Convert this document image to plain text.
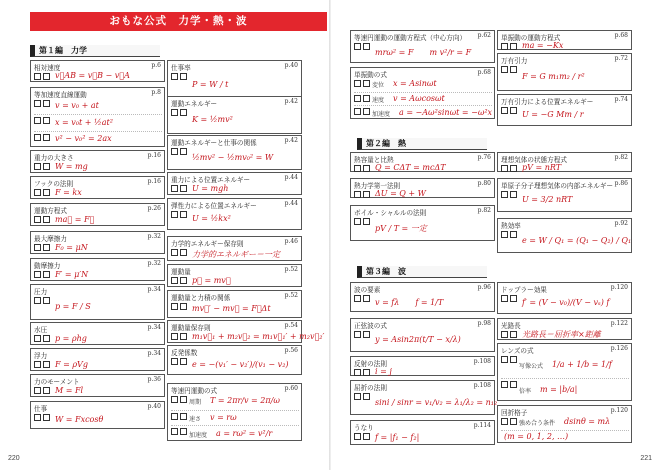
おもな公式　力学・熱・波
第１編　力学
第２編　熱
第３編　波
220	221
相対速度	p.6
v⃗AB = v⃗B − v⃗A
等加速度直線運動	p.8
v = v₀ + at
x = v₀t + ½at²
v² − v₀² = 2ax
重力の大きさ	p.16
W = mg
フックの法則	p.16
F = kx
運動方程式	p.26
ma⃗ = F⃗
最大摩擦力	p.32
F₀ = μN
動摩擦力	p.32
F′ = μ′N
圧力	p.34
p = F / S
水圧	p.34
p = ρhg
浮力	p.34
F = ρVg
力のモーメント	p.36
M = Fl
仕事	p.40
W = Fxcosθ
仕事率	p.40
P = W / t
運動エネルギー	p.42
K = ½mv²
運動エネルギーと仕事の関係	p.42
½mv² − ½mv₀² = W
重力による位置エネルギー	p.44
U = mgh
弾性力による位置エネルギー	p.44
U = ½kx²
力学的エネルギー保存則	p.46
力学的エネルギー＝一定
運動量	p.52
p⃗ = mv⃗
運動量と力積の関係	p.52
mv⃗′ − mv⃗ = F⃗Δt
運動量保存則	p.54
m₁v⃗₁ + m₂v⃗₂ = m₁v⃗₁′ + m₂v⃗₂′
反発係数	p.56
e = −(v₁′ − v₂′)/(v₁ − v₂)
等速円運動の式	p.60
周期 T = 2πr/v = 2π/ω
速さ v = rω
加速度 a = rω² = v²/r
等速円運動の運動方程式（中心方向） p.62
mrω² = F　　m v²/r = F
単振動の式	p.68
変位 x = Asinωt
速度 v = Aωcosωt
加速度 a = −Aω²sinωt = −ω²x
単振動の運動方程式	p.68
ma = −Kx
万有引力	p.72
F = G m₁m₂ / r²
万有引力による位置エネルギー	p.74
U = −G Mm / r
熱容量と比熱	p.76
Q = CΔT = mcΔT
熱力学第一法則	p.80
ΔU = Q + W
ボイル・シャルルの法則	p.82
pV / T = 一定
理想気体の状態方程式	p.82
pV = nRT
単原子分子理想気体の内部エネルギー p.86
U = 3/2 nRT
熱効率	p.92
e = W / Q₁ = (Q₁ − Q₂) / Q₁
波の要素	p.96
v = fλ　　f = 1/T
正弦波の式	p.98
y = Asin2π(t/T − x/λ)
反射の法則	p.108
i = j
屈折の法則	p.108
sini / sinr = v₁/v₂ = λ₁/λ₂ = n₁₂
うなり	p.114
f = |f₁ − f₂|
ドップラー効果	p.120
f′ = (V − v₀)/(V − vₛ) f
光路長	p.122
光路長＝屈折率×距離
レンズの式	p.126
写像公式 1/a + 1/b = 1/f
倍率 m = |b/a|
回折格子	p.120
強め合う条件 dsinθ = mλ
(m = 0, 1, 2, …)
